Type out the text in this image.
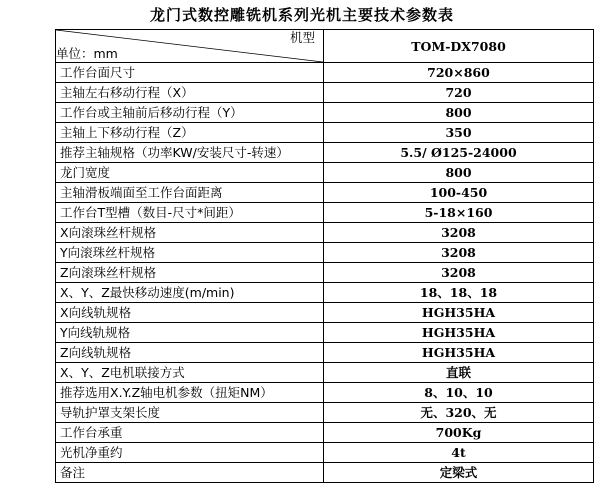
龙门式数控雕铣机系列光机主要技术参数表
机型
单位：mm	TOM-DX7080
工作台面尺寸	720×860
主轴左右移动行程（X）	720
工作台或主轴前后移动行程（Y）	800
主轴上下移动行程（Z）	350
推荐主轴规格（功率KW/安装尺寸-转速）	5.5/ Ø125-24000
龙门宽度	800
主轴滑板端面至工作台面距离	100-450
工作台T型槽（数目-尺寸*间距）	5-18×160
X向滚珠丝杆规格	3208
Y向滚珠丝杆规格	3208
Z向滚珠丝杆规格	3208
X、Y、Z最快移动速度(m/min)	18、18、18
X向线轨规格	HGH35HA
Y向线轨规格	HGH35HA
Z向线轨规格	HGH35HA
X、Y、Z电机联接方式	直联
推荐选用X.Y.Z轴电机参数（扭矩NM）	8、10、10
导轨护罩支架长度	无、320、无
工作台承重	700Kg
光机净重约	4t
备注	定梁式
